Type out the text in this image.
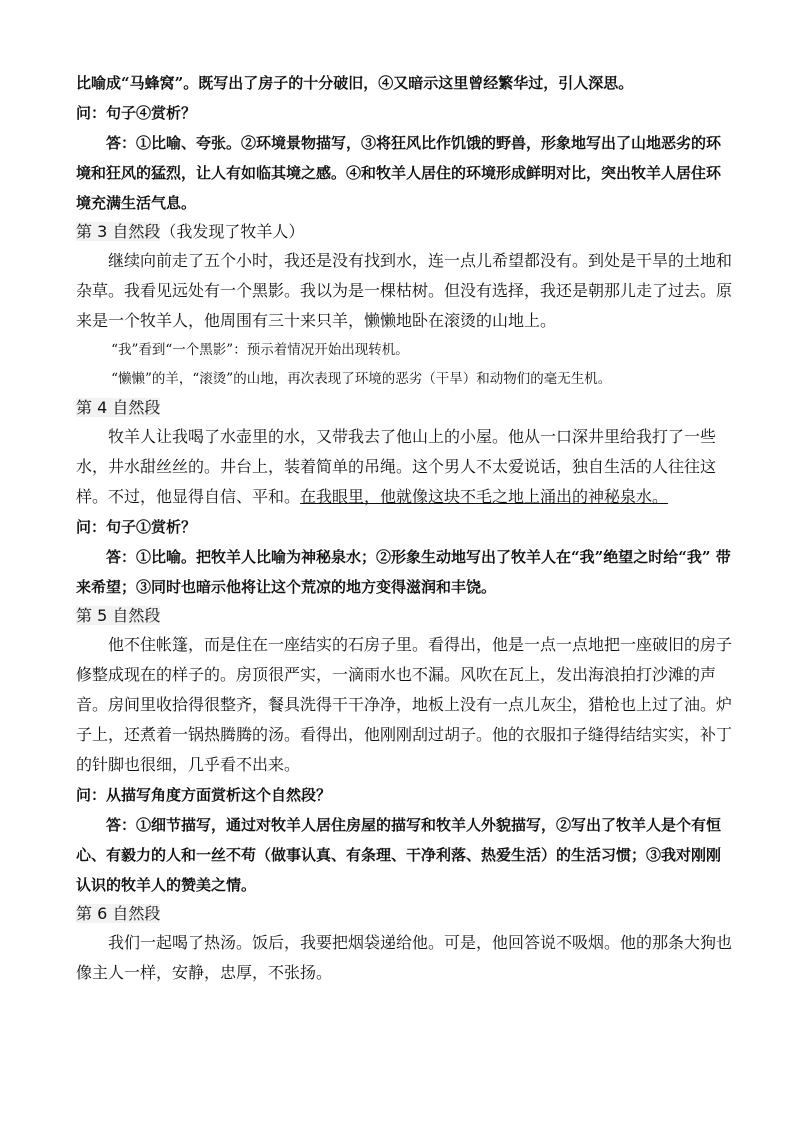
比喻成“马蜂窝”。既写出了房子的十分破旧，④又暗示这里曾经繁华过，引人深思。

问：句子④赏析？

答：①比喻、夸张。②环境景物描写，③将狂风比作饥饿的野兽，形象地写出了山地恶劣的环境和狂风的猛烈，让人有如临其境之感。④和牧羊人居住的环境形成鲜明对比，突出牧羊人居住环境充满生活气息。

第 3 自然段（我发现了牧羊人）

继续向前走了五个小时，我还是没有找到水，连一点儿希望都没有。到处是干旱的土地和杂草。我看见远处有一个黑影。我以为是一棵枯树。但没有选择，我还是朝那儿走了过去。原来是一个牧羊人，他周围有三十来只羊，懒懒地卧在滚烫的山地上。

“我”看到“一个黑影”：预示着情况开始出现转机。

“懒懒”的羊，“滚烫”的山地，再次表现了环境的恶劣（干旱）和动物们的毫无生机。

第 4 自然段

牧羊人让我喝了水壶里的水，又带我去了他山上的小屋。他从一口深井里给我打了一些水，井水甜丝丝的。井台上，装着简单的吊绳。这个男人不太爱说话，独自生活的人往往这样。不过，他显得自信、平和。在我眼里，他就像这块不毛之地上涌出的神秘泉水。

问：句子①赏析？

答：①比喻。把牧羊人比喻为神秘泉水；②形象生动地写出了牧羊人在“我”绝望之时给“我” 带来希望；③同时也暗示他将让这个荒凉的地方变得滋润和丰饶。

第 5 自然段

他不住帐篷，而是住在一座结实的石房子里。看得出，他是一点一点地把一座破旧的房子修整成现在的样子的。房顶很严实，一滴雨水也不漏。风吹在瓦上，发出海浪拍打沙滩的声音。房间里收拾得很整齐，餐具洗得干干净净，地板上没有一点儿灰尘，猎枪也上过了油。炉子上，还煮着一锅热腾腾的汤。看得出，他刚刚刮过胡子。他的衣服扣子缝得结结实实，补丁的针脚也很细，几乎看不出来。

问：从描写角度方面赏析这个自然段？

答：①细节描写，通过对牧羊人居住房屋的描写和牧羊人外貌描写，②写出了牧羊人是个有恒心、有毅力的人和一丝不苟（做事认真、有条理、干净利落、热爱生活）的生活习惯；③我对刚刚认识的牧羊人的赞美之情。

第 6 自然段

我们一起喝了热汤。饭后，我要把烟袋递给他。可是，他回答说不吸烟。他的那条大狗也像主人一样，安静，忠厚，不张扬。
